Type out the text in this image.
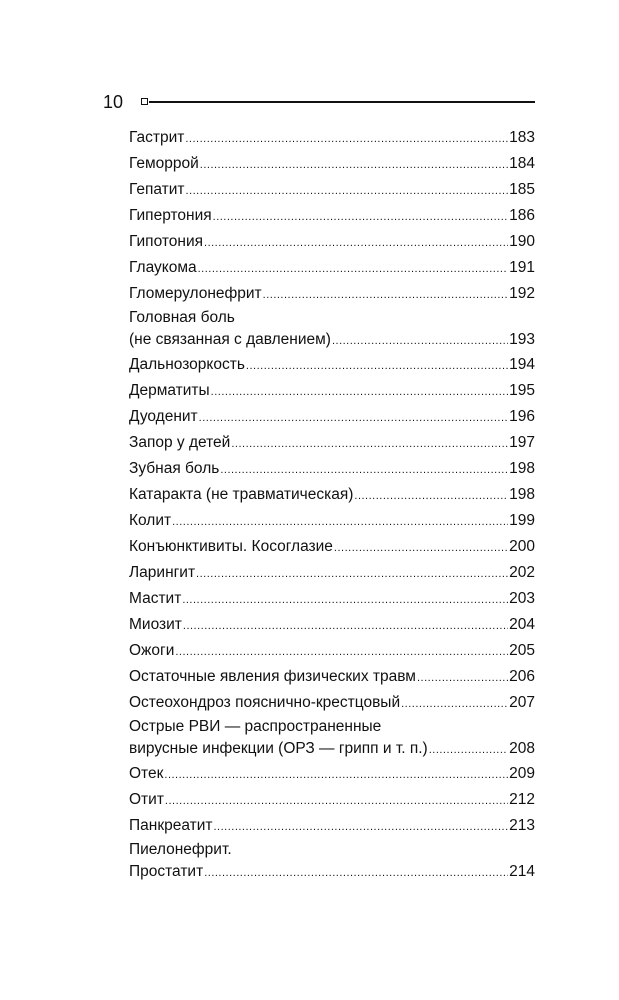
10
Гастрит .....	183
Геморрой .....	184
Гепатит .....	185
Гипертония .....	186
Гипотония .....	190
Глаукома .....	191
Гломерулонефрит .....	192
Головная боль
(не связанная с давлением) .....	193
Дальнозоркость .....	194
Дерматиты .....	195
Дуоденит .....	196
Запор у детей .....	197
Зубная боль .....	198
Катаракта (не травматическая) .....	198
Колит .....	199
Конъюнктивиты. Косоглазие .....	200
Ларингит .....	202
Мастит .....	203
Миозит .....	204
Ожоги .....	205
Остаточные явления физических травм .....	206
Остеохондроз пояснично-крестцовый .....	207
Острые РВИ — распространенные
вирусные инфекции (ОРЗ — грипп и т. п.) .....	208
Отек .....	209
Отит .....	212
Панкреатит .....	213
Пиелонефрит.
Простатит .....	214
